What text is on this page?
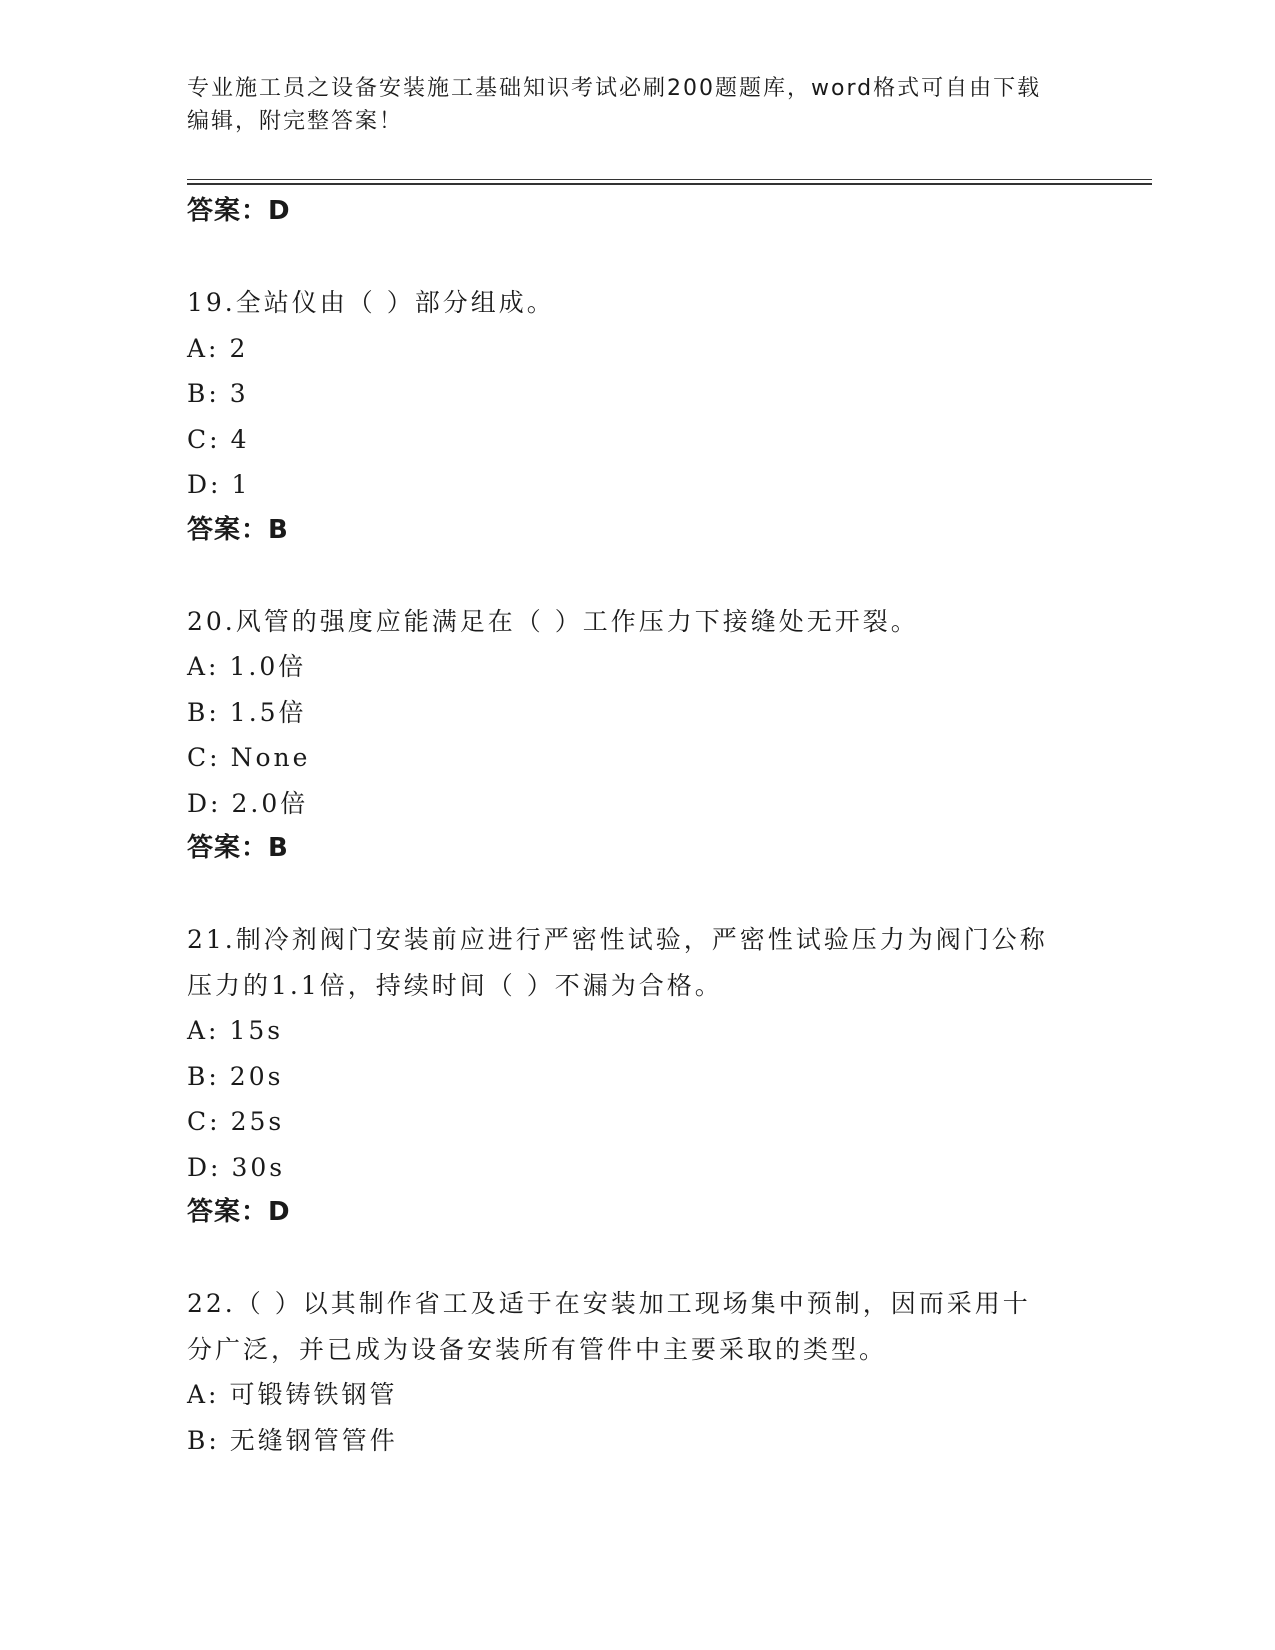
专业施工员之设备安装施工基础知识考试必刷200题题库，word格式可自由下载
编辑，附完整答案！
答案：D
19.全站仪由（ ）部分组成。
A: 2
B: 3
C: 4
D: 1
答案：B
20.风管的强度应能满足在（ ）工作压力下接缝处无开裂。
A: 1.0倍
B: 1.5倍
C: None
D: 2.0倍
答案：B
21.制冷剂阀门安装前应进行严密性试验，严密性试验压力为阀门公称
压力的1.1倍，持续时间（ ）不漏为合格。
A: 15s
B: 20s
C: 25s
D: 30s
答案：D
22.（ ）以其制作省工及适于在安装加工现场集中预制，因而采用十
分广泛，并已成为设备安装所有管件中主要采取的类型。
A: 可锻铸铁钢管
B: 无缝钢管管件
